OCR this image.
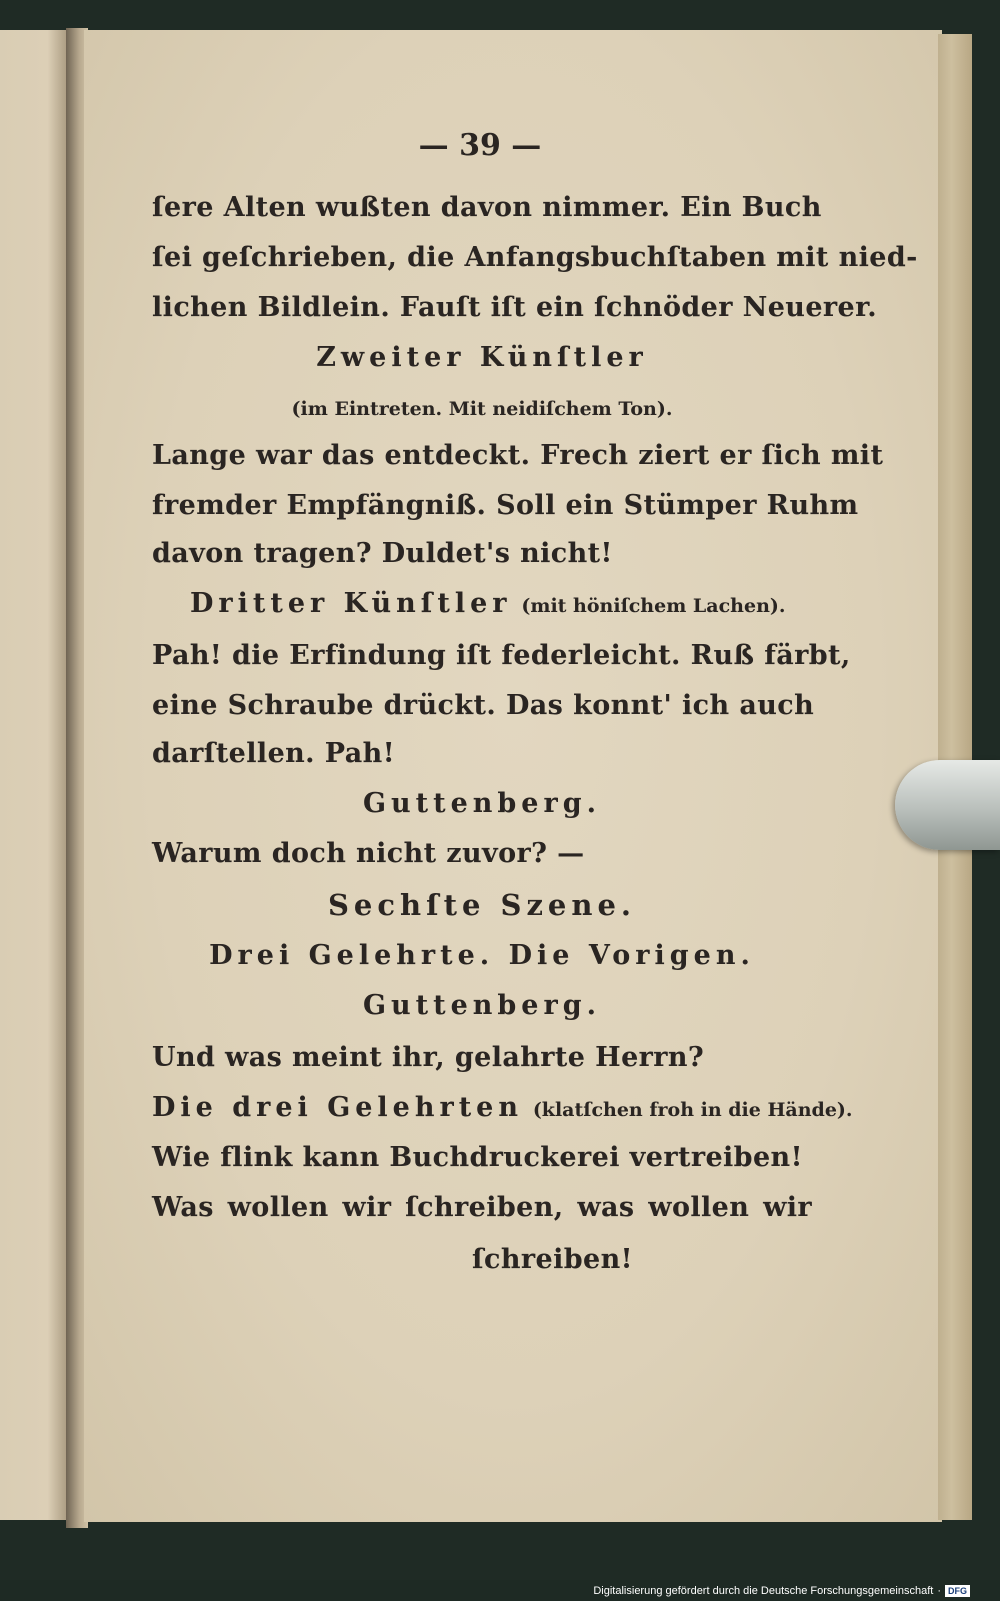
— 39 —
ſere Alten wußten davon nimmer. Ein Buch
ſei geſchrieben, die Anfangsbuchſtaben mit nied-
lichen Bildlein. Fauſt iſt ein ſchnöder Neuerer.
Zweiter Künſtler
(im Eintreten. Mit neidiſchem Ton).
Lange war das entdeckt. Frech ziert er ſich mit
fremder Empfängniß. Soll ein Stümper Ruhm
davon tragen? Duldet's nicht!
Dritter Künſtler (mit höniſchem Lachen).
Pah! die Erfindung iſt federleicht. Ruß färbt,
eine Schraube drückt. Das konnt' ich auch
darſtellen. Pah!
Guttenberg.
Warum doch nicht zuvor? —
Sechſte Szene.
Drei Gelehrte. Die Vorigen.
Guttenberg.
Und was meint ihr, gelahrte Herrn?
Die drei Gelehrten (klatſchen froh in die Hände).
Wie flink kann Buchdruckerei vertreiben!
Was wollen wir ſchreiben, was wollen wir
ſchreiben!
Digitalisierung gefördert durch die Deutsche Forschungsgemeinschaft · DFG
